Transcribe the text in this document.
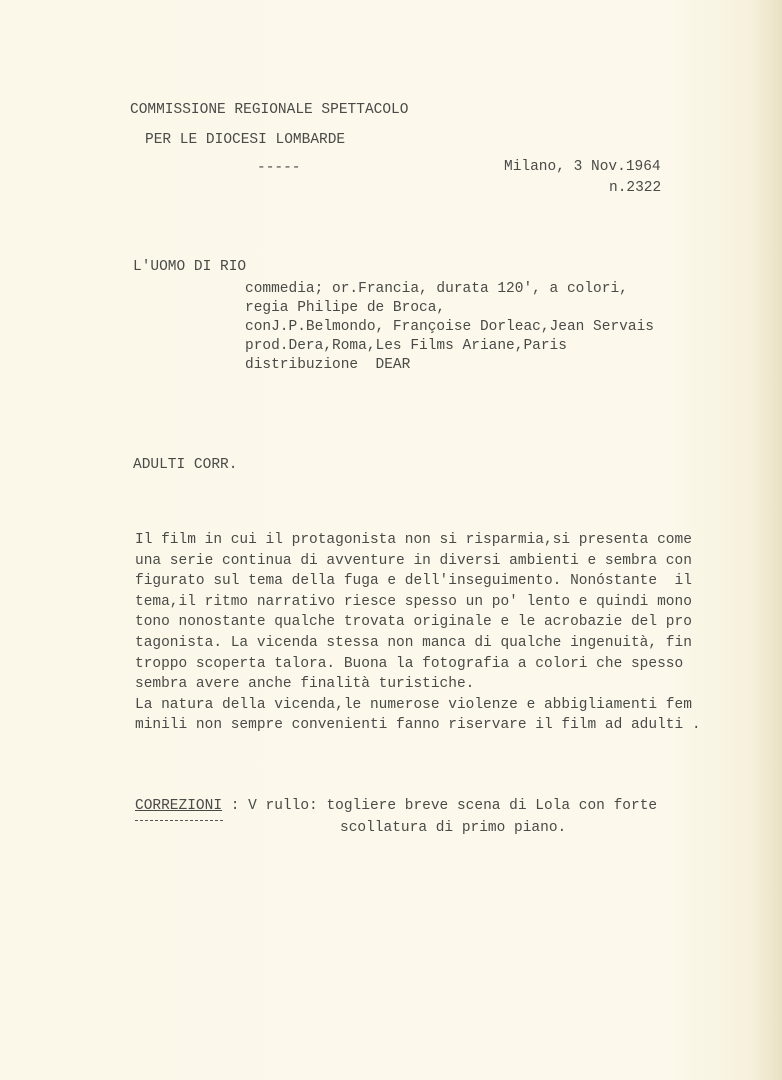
COMMISSIONE REGIONALE SPETTACOLO
PER LE DIOCESI LOMBARDE
-----	Milano, 3 Nov.1964
n.2322
L'UOMO DI RIO
commedia; or.Francia, durata 120', a colori,
regia Philipe de Broca,
conJ.P.Belmondo, Françoise Dorleac,Jean Servais
prod.Dera,Roma,Les Films Ariane,Paris
distribuzione  DEAR
ADULTI CORR.
Il film in cui il protagonista non si risparmia,si presenta come
una serie continua di avventure in diversi ambienti e sembra con
figurato sul tema della fuga e dell'inseguimento. Nonóstante  il
tema,il ritmo narrativo riesce spesso un po' lento e quindi mono
tono nonostante qualche trovata originale e le acrobazie del pro
tagonista. La vicenda stessa non manca di qualche ingenuità, fin
troppo scoperta talora. Buona la fotografia a colori che spesso
sembra avere anche finalità turistiche.
La natura della vicenda,le numerose violenze e abbigliamenti fem
minili non sempre convenienti fanno riservare il film ad adulti .
CORREZIONI : V rullo: togliere breve scena di Lola con forte
scollatura di primo piano.
